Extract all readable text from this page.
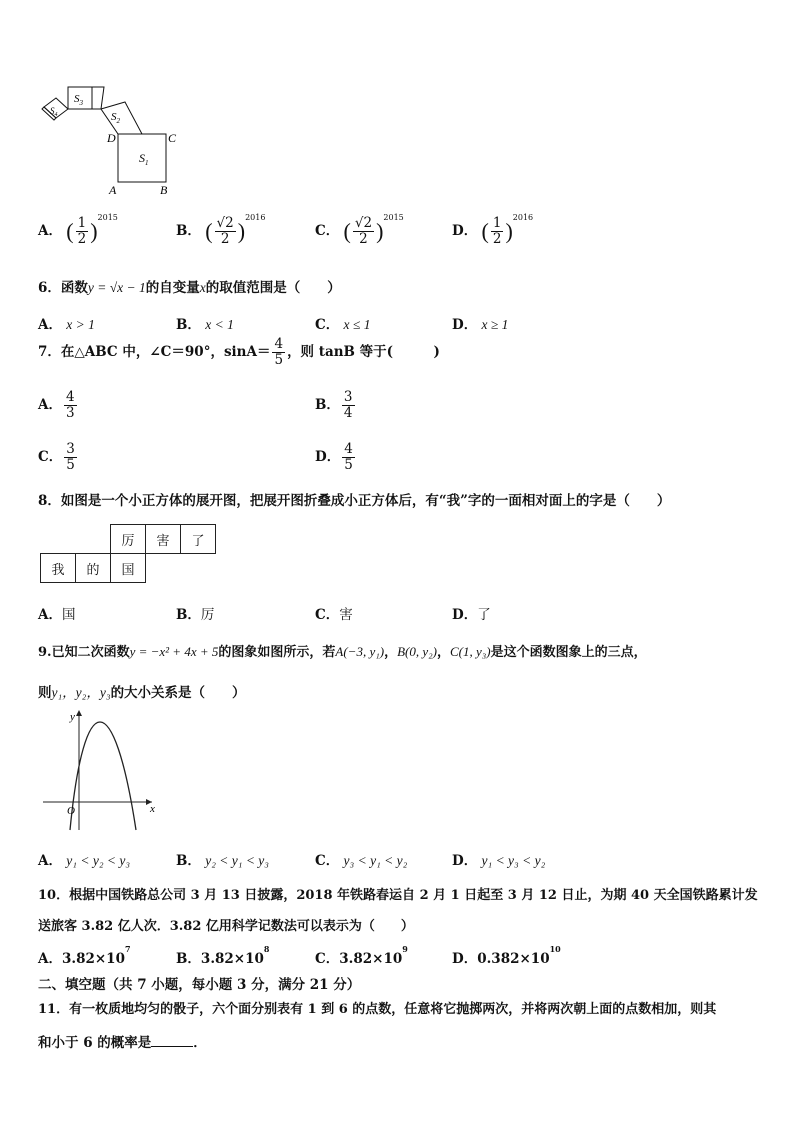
$S_1$
$S_2$
$S_3$
$S_4$
D	C
A	B
A． ( $\frac{1}{2} )^{2015}$
B． ( $\frac{√2}{2} )^{2016}$
C． ( $\frac{√2}{2} )^{2015}$
D． ( $\frac{1}{2} )^{2016}$
6．函数y = √x − 1的自变量x的取值范围是（　　）
A． x > 1	B． x < 1	C． x ≤ 1	D． x ≥ 1
7．在△ABC 中，∠C＝90°，$\sin A= \frac{4}{5}$ ，则 tanB 等于(　　　)
A． $\frac{4}{3}$	B． $\frac{3}{4}$
C． $\frac{3}{5}$	D． $\frac{4}{5}$
8．如图是一个小正方体的展开图，把展开图折叠成小正方体后，有“我”字的一面相对面上的字是（　　）
		厉	害	了
我	的	国		
A．国	B．厉	C．害	D．了
9.已知二次函数y = −x² + 4x + 5的图象如图所示，若A(−3, y₁)，B(0, y₂)，C(1, y₃)是这个函数图象上的三点，
则y₁，y₂，y₃的大小关系是（　　）
y
x
O
A． y₁ < y₂ < y₃	B． y₂ < y₁ < y₃	C． y₃ < y₁ < y₂	D． y₁ < y₃ < y₂
10．根据中国铁路总公司 3 月 13 日披露，2018 年铁路春运自 2 月 1 日起至 3 月 12 日止，为期 40 天全国铁路累计发
送旅客 3.82 亿人次．3.82 亿用科学记数法可以表示为（　　）
A．$3.82\times 10^7$
B．$3.82\times 10^8$
C．$3.82\times 10^9$
D．$0.382\times 10^{10}$
二、填空题（共 7 小题，每小题 3 分，满分 21 分）
11．有一枚质地均匀的骰子，六个面分别表有 1 到 6 的点数，任意将它抛掷两次，并将两次朝上面的点数相加，则其
和小于 6 的概率是	．
